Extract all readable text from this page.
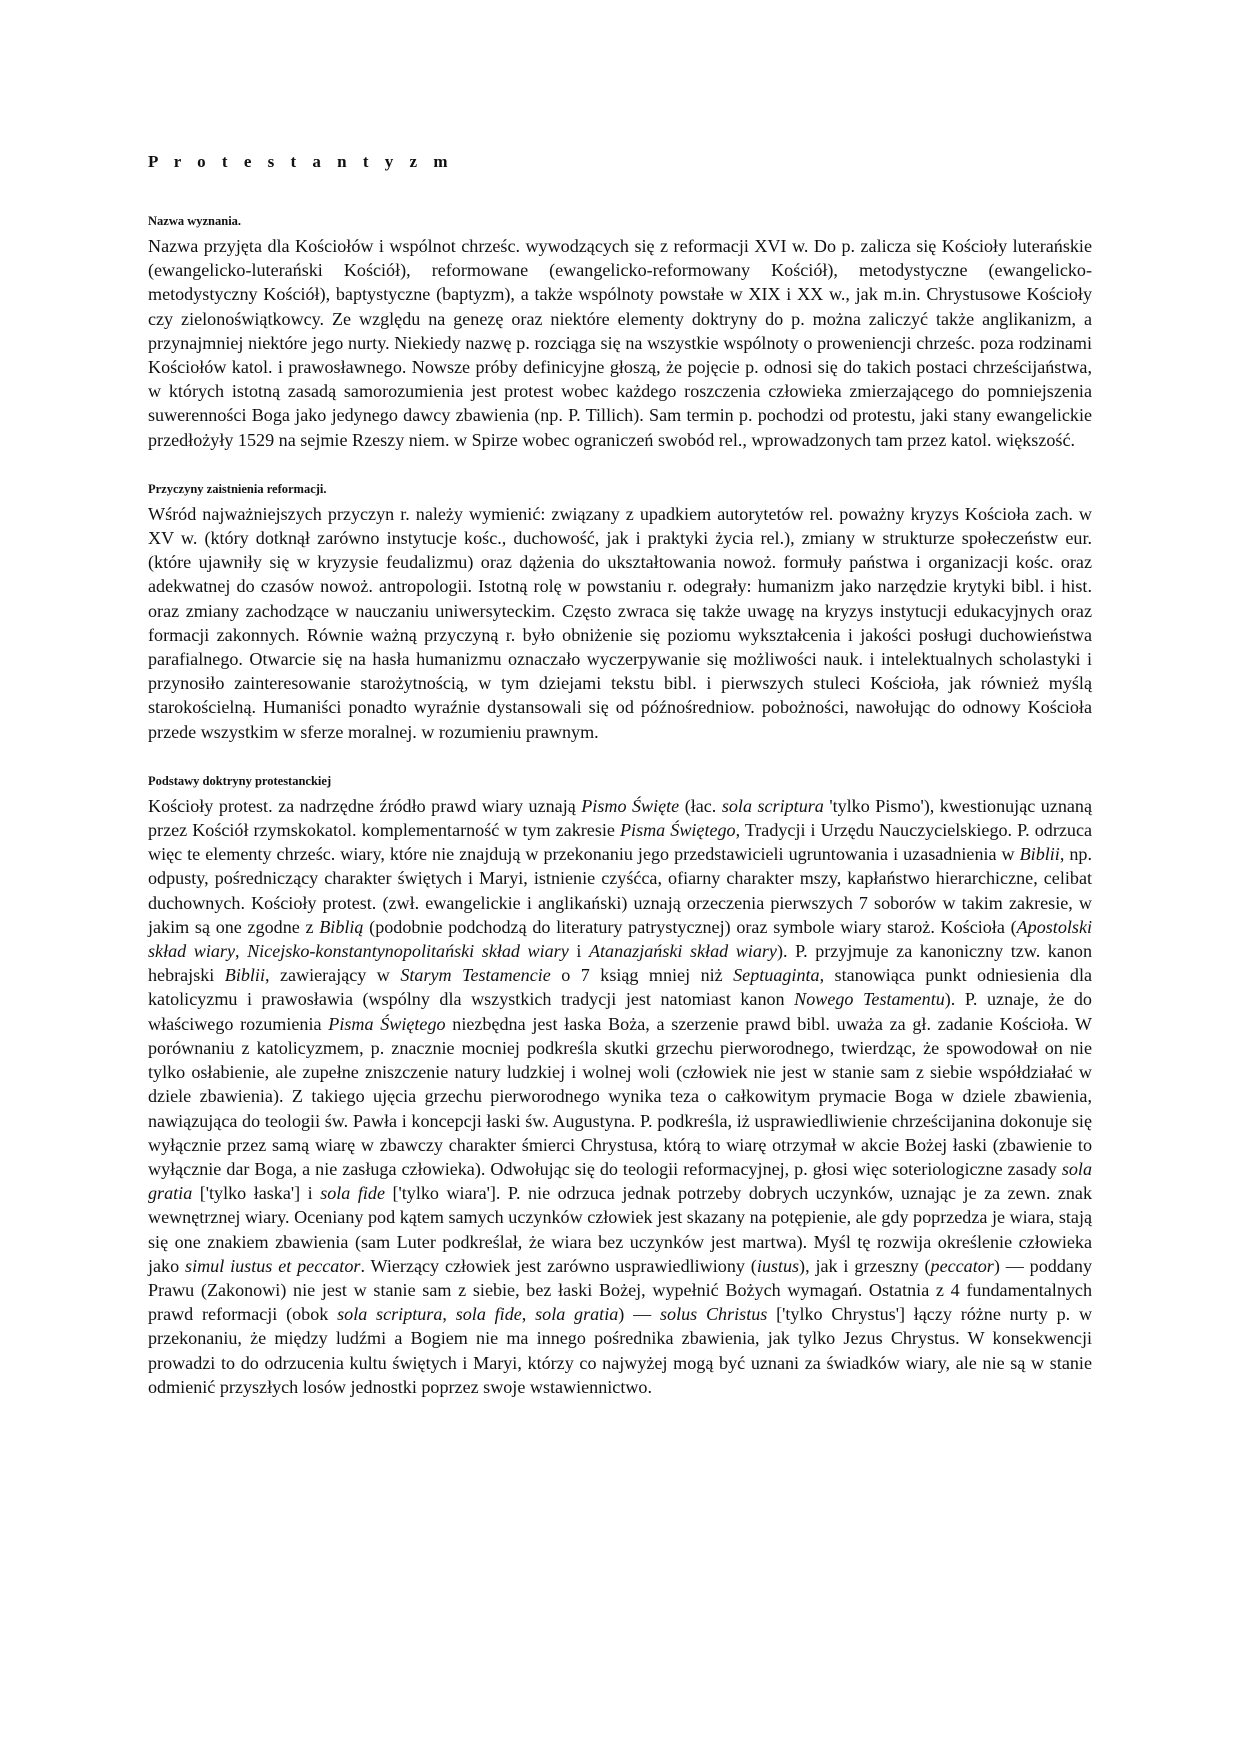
P r o t e s t a n t y z m
Nazwa wyznania.

Nazwa przyjęta dla Kościołów i wspólnot chrześc. wywodzących się z reformacji XVI w. Do p. zalicza się Kościoły luterańskie (ewangelicko-luterański Kościół), reformowane (ewangelicko-reformowany Kościół), metodystyczne (ewangelicko-metodystyczny Kościół), baptystyczne (baptyzm), a także wspólnoty powstałe w XIX i XX w., jak m.in. Chrystusowe Kościoły czy zielonoświątkowcy. Ze względu na genezę oraz niektóre elementy doktryny do p. można zaliczyć także anglikanizm, a przynajmniej niektóre jego nurty. Niekiedy nazwę p. rozciąga się na wszystkie wspólnoty o proweniencji chrześc. poza rodzinami Kościołów katol. i prawosławnego. Nowsze próby definicyjne głoszą, że pojęcie p. odnosi się do takich postaci chrześcijaństwa, w których istotną zasadą samorozumienia jest protest wobec każdego roszczenia człowieka zmierzającego do pomniejszenia suwerenności Boga jako jedynego dawcy zbawienia (np. P. Tillich). Sam termin p. pochodzi od protestu, jaki stany ewangelickie przedłożyły 1529 na sejmie Rzeszy niem. w Spirze wobec ograniczeń swobód rel., wprowadzonych tam przez katol. większość.

Przyczyny zaistnienia reformacji.

Wśród najważniejszych przyczyn r. należy wymienić: związany z upadkiem autorytetów rel. poważny kryzys Kościoła zach. w XV w. (który dotknął zarówno instytucje kośc., duchowość, jak i praktyki życia rel.), zmiany w strukturze społeczeństw eur. (które ujawniły się w kryzysie feudalizmu) oraz dążenia do ukształtowania nowoż. formuły państwa i organizacji kośc. oraz adekwatnej do czasów nowoż. antropologii. Istotną rolę w powstaniu r. odegrały: humanizm jako narzędzie krytyki bibl. i hist. oraz zmiany zachodzące w nauczaniu uniwersyteckim. Często zwraca się także uwagę na kryzys instytucji edukacyjnych oraz formacji zakonnych. Równie ważną przyczyną r. było obniżenie się poziomu wykształcenia i jakości posługi duchowieństwa parafialnego. Otwarcie się na hasła humanizmu oznaczało wyczerpywanie się możliwości nauk. i intelektualnych scholastyki i przynosiło zainteresowanie starożytnością, w tym dziejami tekstu bibl. i pierwszych stuleci Kościoła, jak również myślą starokościelną. Humaniści ponadto wyraźnie dystansowali się od późnośredniow. pobożności, nawołując do odnowy Kościoła przede wszystkim w sferze moralnej. w rozumieniu prawnym.

Podstawy doktryny protestanckiej

Kościoły protest. za nadrzędne źródło prawd wiary uznają Pismo Święte (łac. sola scriptura 'tylko Pismo'), kwestionując uznaną przez Kościół rzymskokatol. komplementarność w tym zakresie Pisma Świętego, Tradycji i Urzędu Nauczycielskiego. P. odrzuca więc te elementy chrześc. wiary, które nie znajdują w przekonaniu jego przedstawicieli ugruntowania i uzasadnienia w Biblii, np. odpusty, pośredniczący charakter świętych i Maryi, istnienie czyśćca, ofiarny charakter mszy, kapłaństwo hierarchiczne, celibat duchownych. Kościoły protest. (zwł. ewangelickie i anglikański) uznają orzeczenia pierwszych 7 soborów w takim zakresie, w jakim są one zgodne z Biblią (podobnie podchodzą do literatury patrystycznej) oraz symbole wiary staroż. Kościoła (Apostolski skład wiary, Nicejsko-konstantynopolitański skład wiary i Atanazjański skład wiary). P. przyjmuje za kanoniczny tzw. kanon hebrajski Biblii, zawierający w Starym Testamencie o 7 ksiąg mniej niż Septuaginta, stanowiąca punkt odniesienia dla katolicyzmu i prawosławia (wspólny dla wszystkich tradycji jest natomiast kanon Nowego Testamentu). P. uznaje, że do właściwego rozumienia Pisma Świętego niezbędna jest łaska Boża, a szerzenie prawd bibl. uważa za gł. zadanie Kościoła. W porównaniu z katolicyzmem, p. znacznie mocniej podkreśla skutki grzechu pierworodnego, twierdząc, że spowodował on nie tylko osłabienie, ale zupełne zniszczenie natury ludzkiej i wolnej woli (człowiek nie jest w stanie sam z siebie współdziałać w dziele zbawienia). Z takiego ujęcia grzechu pierworodnego wynika teza o całkowitym prymacie Boga w dziele zbawienia, nawiązująca do teologii św. Pawła i koncepcji łaski św. Augustyna. P. podkreśla, iż usprawiedliwienie chrześcijanina dokonuje się wyłącznie przez samą wiarę w zbawczy charakter śmierci Chrystusa, którą to wiarę otrzymał w akcie Bożej łaski (zbawienie to wyłącznie dar Boga, a nie zasługa człowieka). Odwołując się do teologii reformacyjnej, p. głosi więc soteriologiczne zasady sola gratia ['tylko łaska'] i sola fide ['tylko wiara']. P. nie odrzuca jednak potrzeby dobrych uczynków, uznając je za zewn. znak wewnętrznej wiary. Oceniany pod kątem samych uczynków człowiek jest skazany na potępienie, ale gdy poprzedza je wiara, stają się one znakiem zbawienia (sam Luter podkreślał, że wiara bez uczynków jest martwa). Myśl tę rozwija określenie człowieka jako simul iustus et peccator. Wierzący człowiek jest zarówno usprawiedliwiony (iustus), jak i grzeszny (peccator) — poddany Prawu (Zakonowi) nie jest w stanie sam z siebie, bez łaski Bożej, wypełnić Bożych wymagań. Ostatnia z 4 fundamentalnych prawd reformacji (obok sola scriptura, sola fide, sola gratia) — solus Christus ['tylko Chrystus'] łączy różne nurty p. w przekonaniu, że między ludźmi a Bogiem nie ma innego pośrednika zbawienia, jak tylko Jezus Chrystus. W konsekwencji prowadzi to do odrzucenia kultu świętych i Maryi, którzy co najwyżej mogą być uznani za świadków wiary, ale nie są w stanie odmienić przyszłych losów jednostki poprzez swoje wstawiennictwo.
